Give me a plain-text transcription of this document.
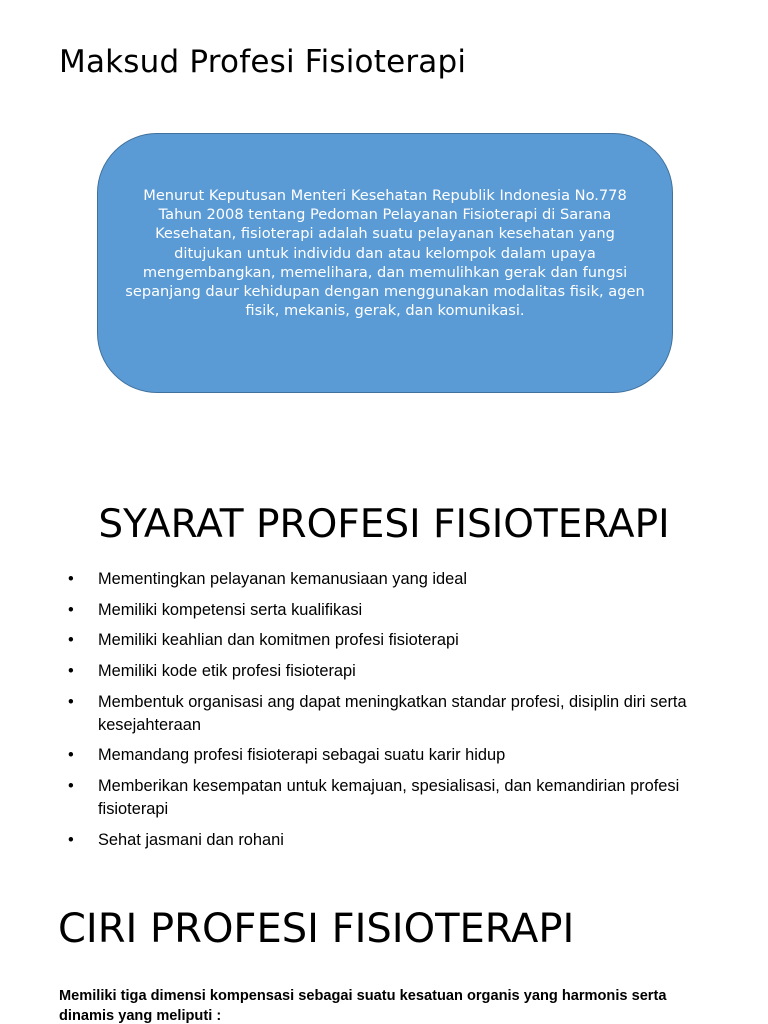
Maksud Profesi Fisioterapi
Menurut Keputusan Menteri Kesehatan Republik Indonesia No.778 Tahun 2008 tentang Pedoman Pelayanan Fisioterapi di Sarana Kesehatan, fisioterapi adalah suatu pelayanan kesehatan yang ditujukan untuk individu dan atau kelompok dalam upaya mengembangkan, memelihara, dan memulihkan gerak dan fungsi sepanjang daur kehidupan dengan menggunakan modalitas fisik, agen fisik, mekanis, gerak, dan komunikasi.
SYARAT PROFESI FISIOTERAPI
•	Mementingkan pelayanan kemanusiaan yang ideal
•	Memiliki kompetensi serta kualifikasi
•	Memiliki keahlian dan komitmen profesi fisioterapi
•	Memiliki kode etik profesi fisioterapi
•	Membentuk organisasi ang dapat meningkatkan standar profesi, disiplin diri serta kesejahteraan
•	Memandang profesi fisioterapi sebagai suatu karir hidup
•	Memberikan kesempatan untuk kemajuan, spesialisasi, dan kemandirian profesi fisioterapi
•	Sehat jasmani dan rohani
CIRI PROFESI FISIOTERAPI
Memiliki tiga dimensi kompensasi sebagai suatu kesatuan organis yang harmonis serta dinamis yang meliputi :
